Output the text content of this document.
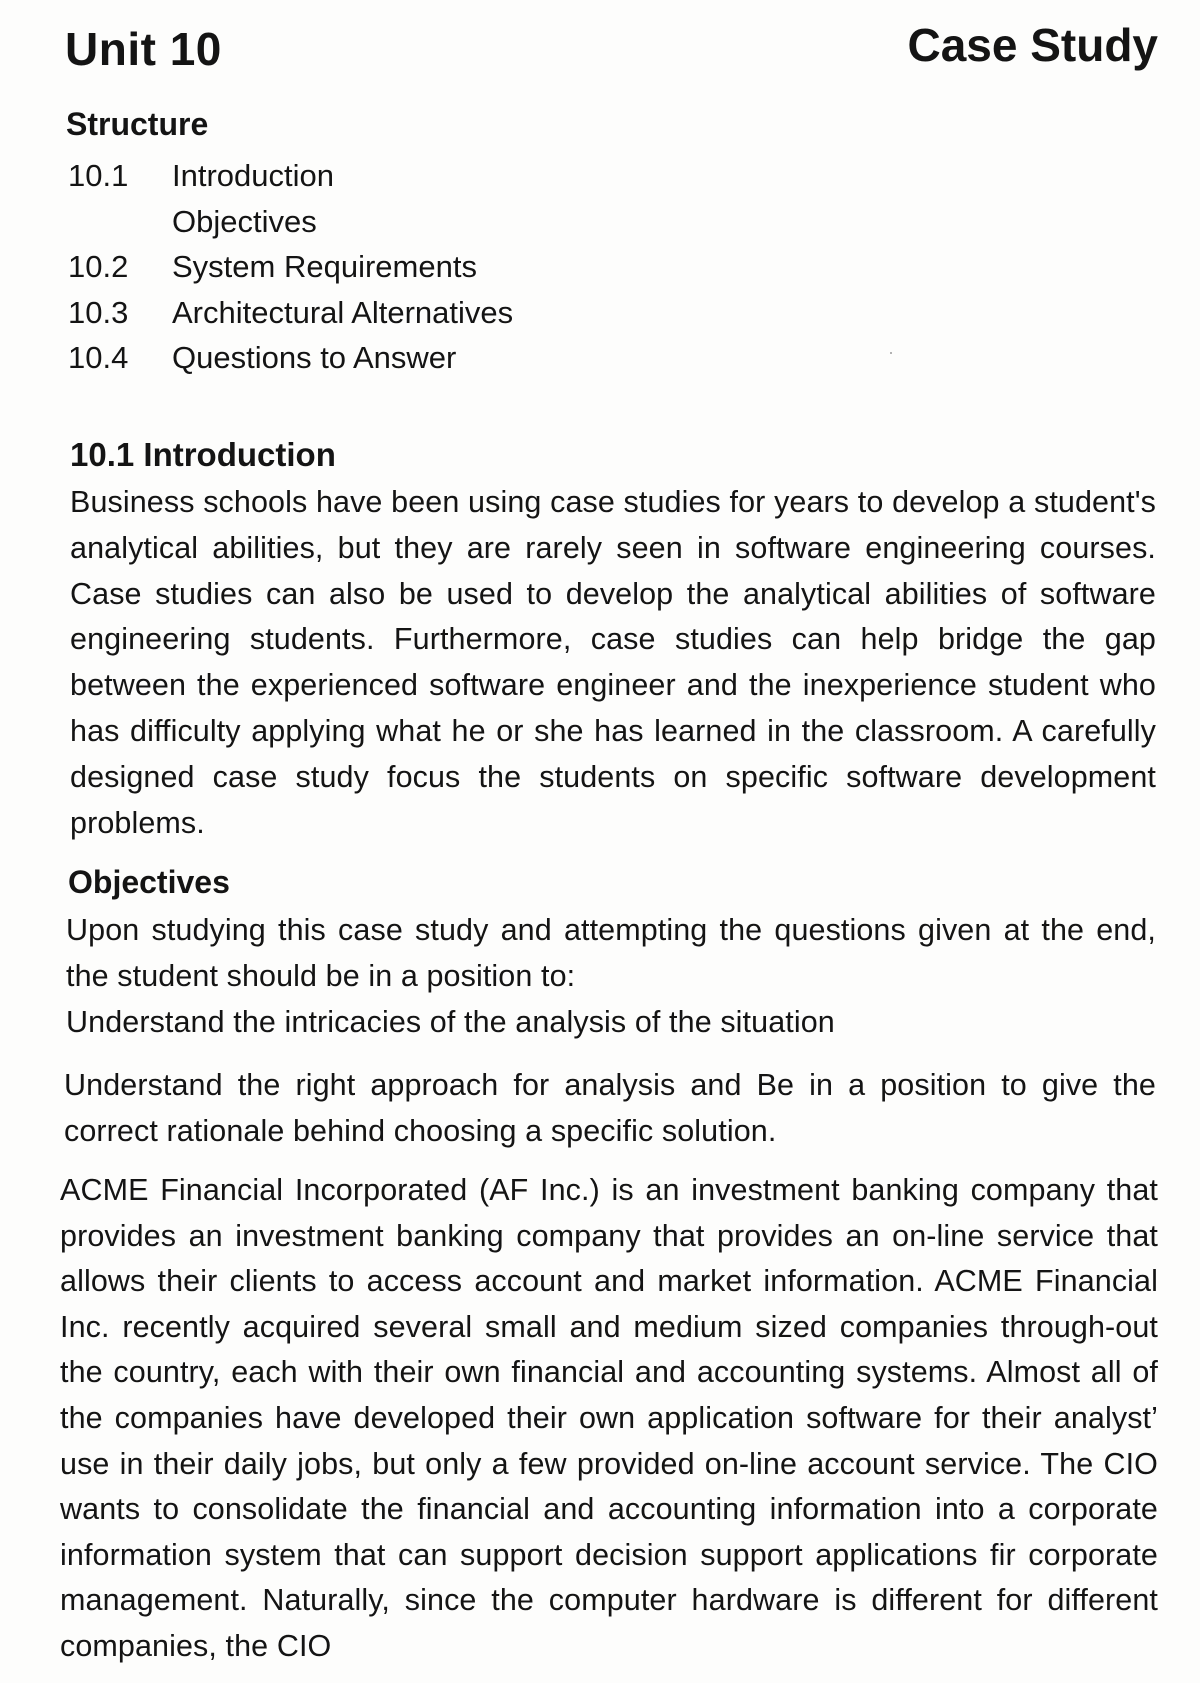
Unit 10	Case Study
Structure
10.1 Introduction
Objectives
10.2 System Requirements
10.3 Architectural Alternatives
10.4 Questions to Answer
10.1 Introduction

Business schools have been using case studies for years to develop a student's analytical abilities, but they are rarely seen in software engineering courses. Case studies can also be used to develop the analytical abilities of software engineering students. Furthermore, case studies can help bridge the gap between the experienced software engineer and the inexperience student who has difficulty applying what he or she has learned in the classroom. A carefully designed case study focus the students on specific software development problems.

Objectives

Upon studying this case study and attempting the questions given at the end, the student should be in a position to:

Understand the intricacies of the analysis of the situation

Understand the right approach for analysis and Be in a position to give the correct rationale behind choosing a specific solution.

ACME Financial Incorporated (AF Inc.) is an investment banking company that provides an investment banking company that provides an on-line service that allows their clients to access account and market information. ACME Financial Inc. recently acquired several small and medium sized companies through-out the country, each with their own financial and accounting systems. Almost all of the companies have developed their own application software for their analyst’ use in their daily jobs, but only a few provided on-line account service. The CIO wants to consolidate the financial and accounting information into a corporate information system that can support decision support applications fir corporate management. Naturally, since the computer hardware is different for different companies, the CIO
